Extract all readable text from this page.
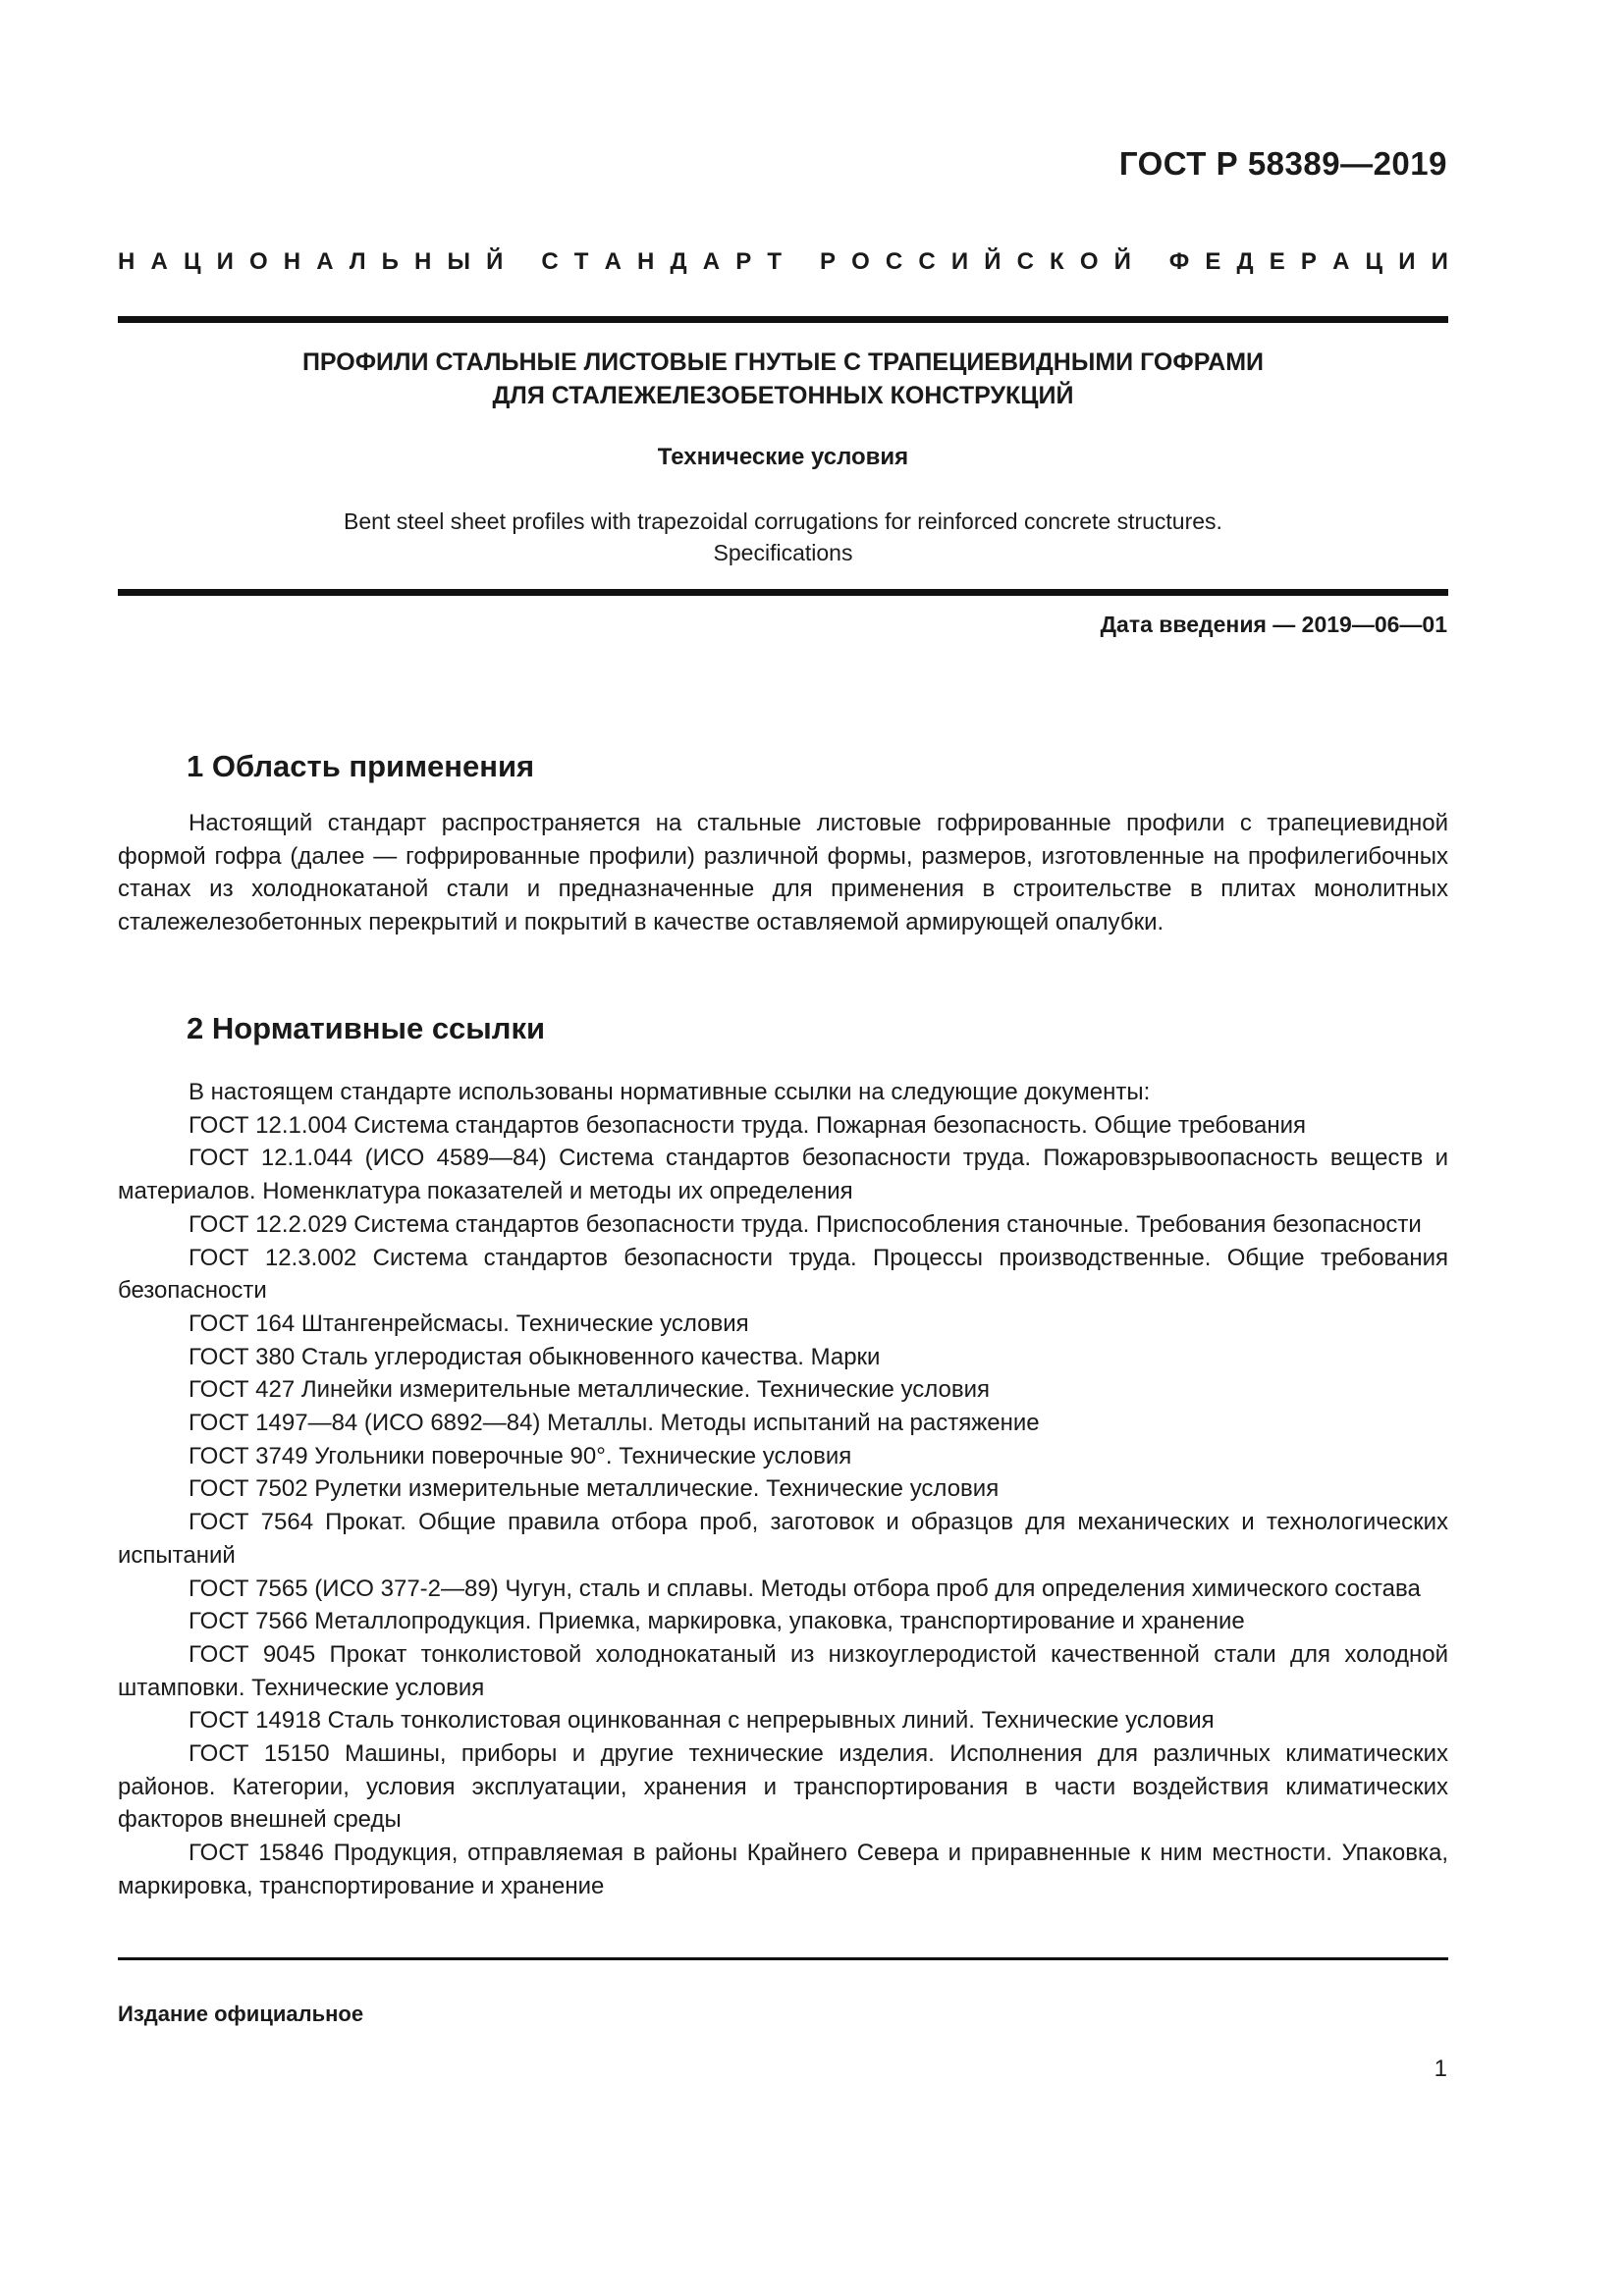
ГОСТ Р 58389—2019
Н А Ц И О Н А Л Ь Н Ы Й
С Т А Н Д А Р Т
Р О С С И Й С К О Й
Ф Е Д Е Р А Ц И И
ПРОФИЛИ СТАЛЬНЫЕ ЛИСТОВЫЕ ГНУТЫЕ С ТРАПЕЦИЕВИДНЫМИ ГОФРАМИ
ДЛЯ СТАЛЕЖЕЛЕЗОБЕТОННЫХ КОНСТРУКЦИЙ
Технические условия
Bent steel sheet profiles with trapezoidal corrugations for reinforced concrete structures.
Specifications
Дата введения — 2019—06—01
1 Область применения

Настоящий стандарт распространяется на стальные листовые гофрированные профили с трапециевидной формой гофра (далее — гофрированные профили) различной формы, размеров, изготовленные на профилегибочных станах из холоднокатаной стали и предназначенные для применения в строительстве в плитах монолитных сталежелезобетонных перекрытий и покрытий в качестве оставляемой армирующей опалубки.

2 Нормативные ссылки
В настоящем стандарте использованы нормативные ссылки на следующие документы:
ГОСТ 12.1.004 Система стандартов безопасности труда. Пожарная безопасность. Общие требования
ГОСТ 12.1.044 (ИСО 4589—84) Система стандартов безопасности труда. Пожаровзрывоопасность веществ и материалов. Номенклатура показателей и методы их определения
ГОСТ 12.2.029 Система стандартов безопасности труда. Приспособления станочные. Требования безопасности
ГОСТ 12.3.002 Система стандартов безопасности труда. Процессы производственные. Общие требования безопасности
ГОСТ 164 Штангенрейсмасы. Технические условия
ГОСТ 380 Сталь углеродистая обыкновенного качества. Марки
ГОСТ 427 Линейки измерительные металлические. Технические условия
ГОСТ 1497—84 (ИСО 6892—84) Металлы. Методы испытаний на растяжение
ГОСТ 3749 Угольники поверочные 90°. Технические условия
ГОСТ 7502 Рулетки измерительные металлические. Технические условия
ГОСТ 7564 Прокат. Общие правила отбора проб, заготовок и образцов для механических и технологических испытаний
ГОСТ 7565 (ИСО 377-2—89) Чугун, сталь и сплавы. Методы отбора проб для определения химического состава
ГОСТ 7566 Металлопродукция. Приемка, маркировка, упаковка, транспортирование и хранение
ГОСТ 9045 Прокат тонколистовой холоднокатаный из низкоуглеродистой качественной стали для холодной штамповки. Технические условия
ГОСТ 14918 Сталь тонколистовая оцинкованная с непрерывных линий. Технические условия
ГОСТ 15150 Машины, приборы и другие технические изделия. Исполнения для различных климатических районов. Категории, условия эксплуатации, хранения и транспортирования в части воздействия климатических факторов внешней среды
ГОСТ 15846 Продукция, отправляемая в районы Крайнего Севера и приравненные к ним местности. Упаковка, маркировка, транспортирование и хранение
Издание официальное
1
